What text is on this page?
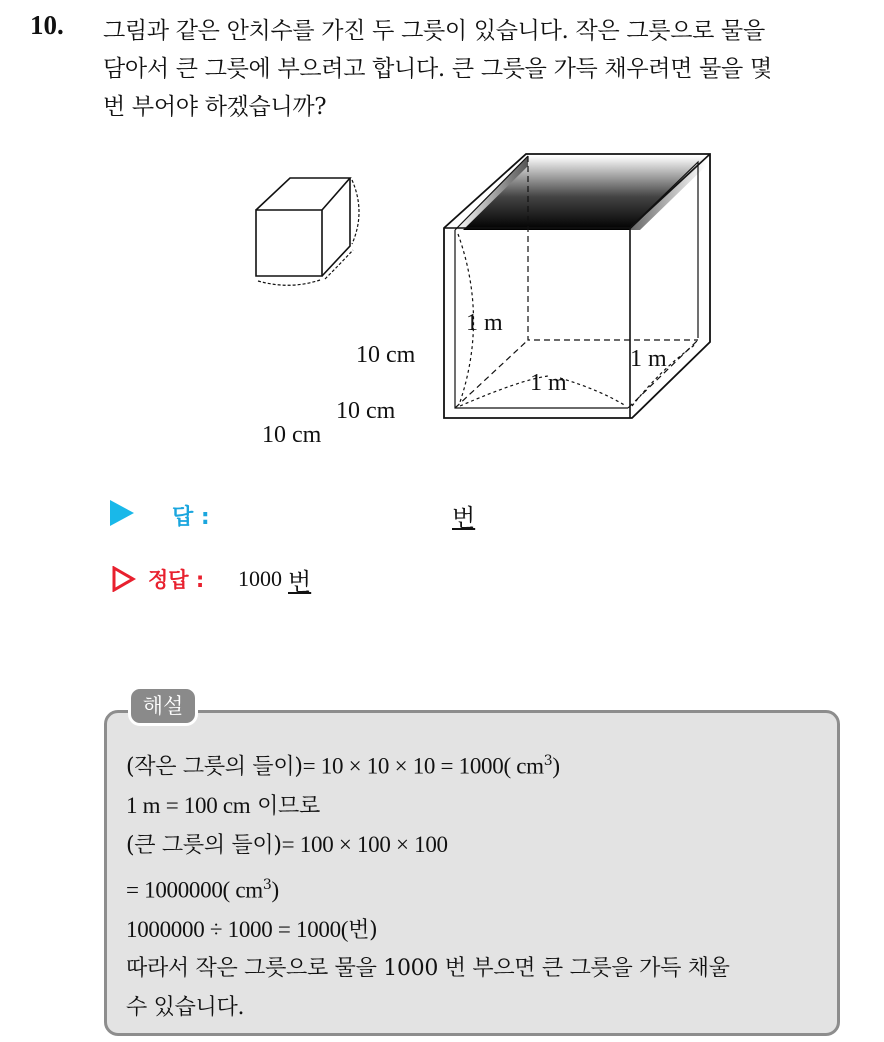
10. 그림과 같은 안치수를 가진 두 그릇이 있습니다. 작은 그릇으로 물을
담아서 큰 그릇에 부으려고 합니다. 큰 그릇을 가득 채우려면 물을 몇
번 부어야 하겠습니까?
10 cm
10 cm
10 cm
1 m
1 m
1 m
답 :	번
정답 : 1000 번
해설
(작은 그릇의 들이)= 10 × 10 × 10 = 1000( $cm^3$)
1 m = 100 cm 이므로
(큰 그릇의 들이)= 100 × 100 × 100
= 1000000( $cm^3$)
1000000 ÷ 1000 = 1000(번)
따라서 작은 그릇으로 물을 1000 번 부으면 큰 그릇을 가득 채울
수 있습니다.
